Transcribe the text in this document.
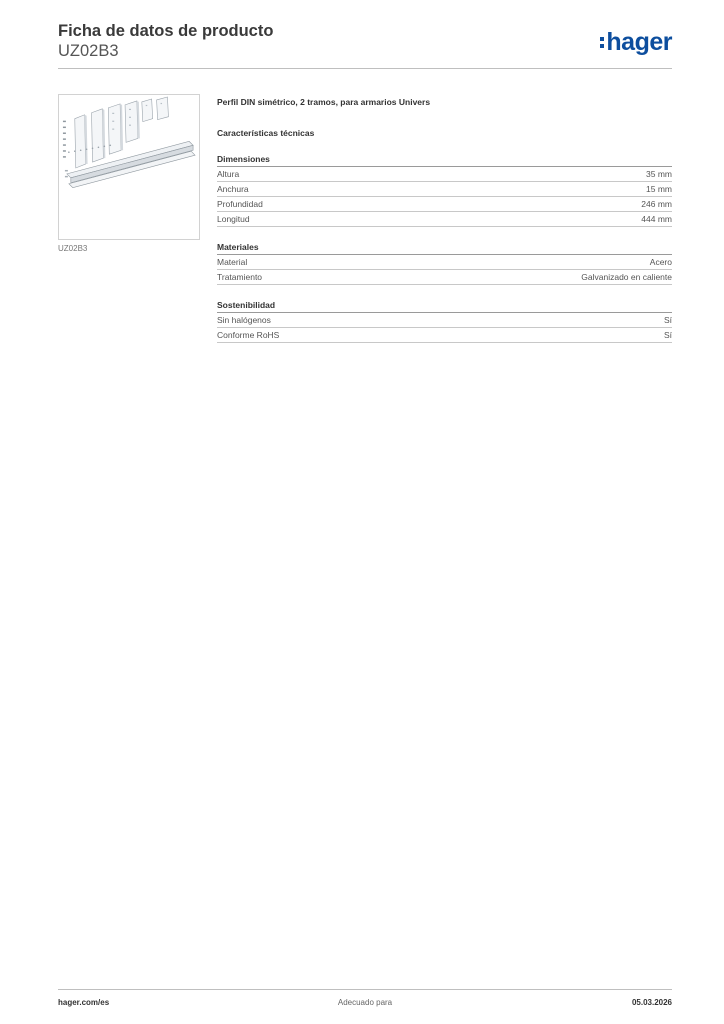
Ficha de datos de producto
UZ02B3	hager
UZ02B3
Perfil DIN simétrico, 2 tramos, para armarios Univers
Características técnicas
Dimensiones
Altura	35 mm
Anchura	15 mm
Profundidad	246 mm
Longitud	444 mm
Materiales
Material	Acero
Tratamiento	Galvanizado en caliente
Sostenibilidad
Sin halógenos	Sí
Conforme RoHS	Sí
hager.com/es	Adecuado para	05.03.2026
